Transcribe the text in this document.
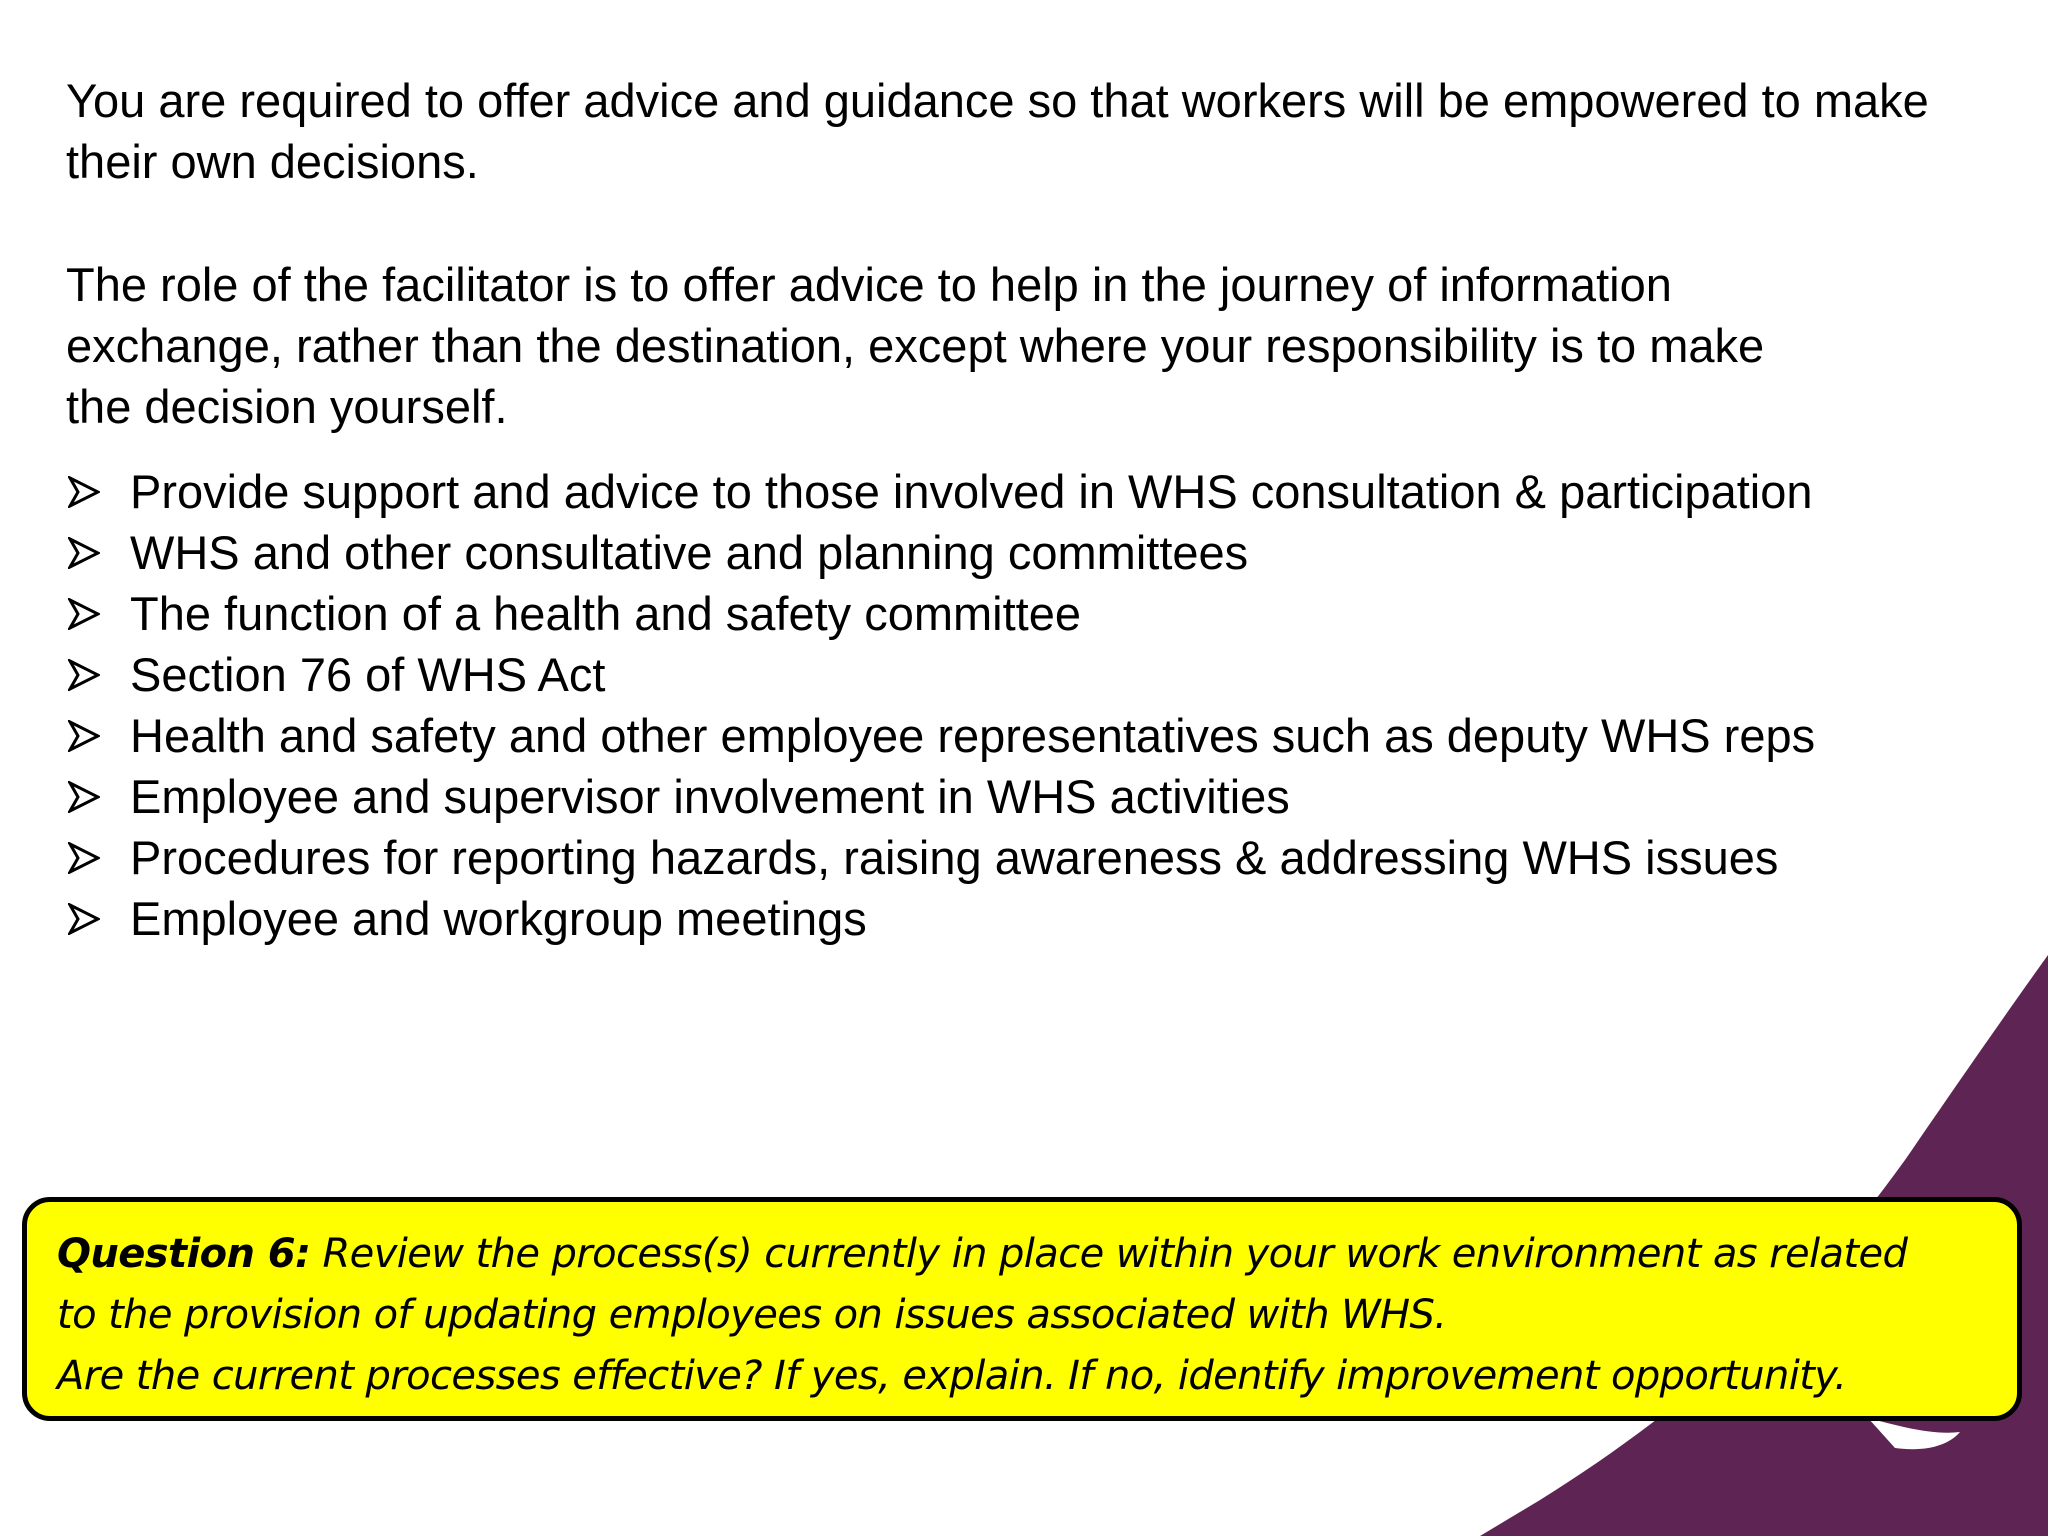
You are required to offer advice and guidance so that workers will be empowered to make their own decisions.

The role of the facilitator is to offer advice to help in the journey of information exchange, rather than the destination, except where your responsibility is to make the decision yourself.

Provide support and advice to those involved in WHS consultation & participation
WHS and other consultative and planning committees
The function of a health and safety committee
Section 76 of WHS Act
Health and safety and other employee representatives such as deputy WHS reps
Employee and supervisor involvement in WHS activities
Procedures for reporting hazards, raising awareness & addressing WHS issues
Employee and workgroup meetings
Question 6: Review the process(s) currently in place within your work environment as related
to the provision of updating employees on issues associated with WHS.
Are the current processes effective? If yes, explain. If no, identify improvement opportunity.
